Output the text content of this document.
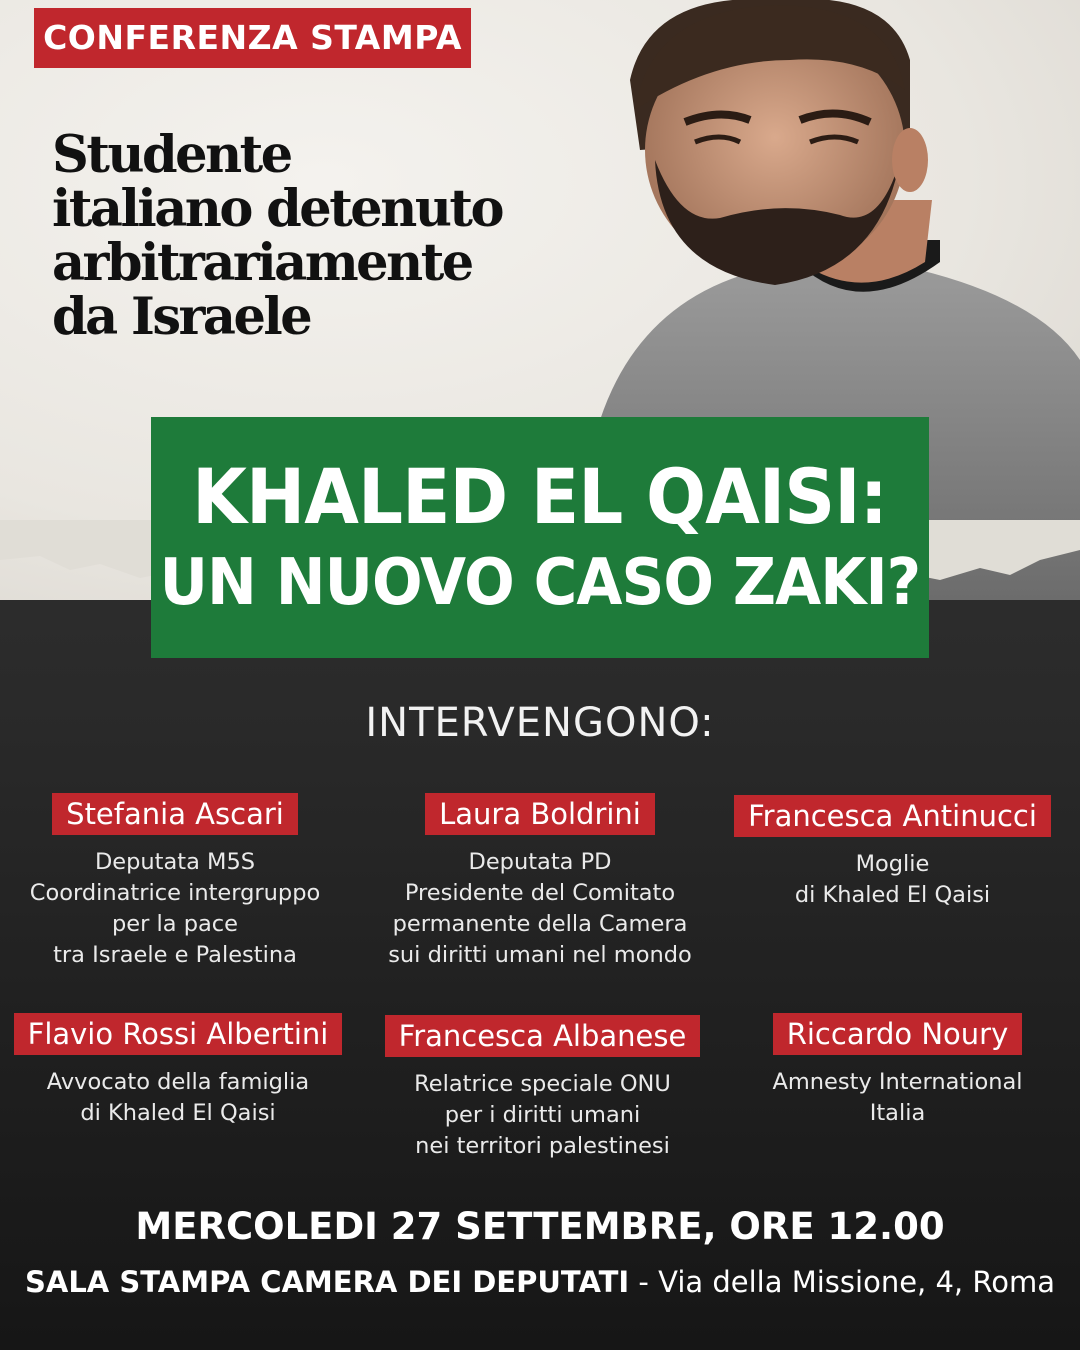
CONFERENZA STAMPA
Studente
italiano detenuto
arbitrariamente
da Israele
KHALED EL QAISI:
UN NUOVO CASO ZAKI?
INTERVENGONO:
Stefania Ascari
Deputata M5S
Coordinatrice intergruppo
per la pace
tra Israele e Palestina
Laura Boldrini
Deputata PD
Presidente del Comitato
permanente della Camera
sui diritti umani nel mondo
Francesca Antinucci
Moglie
di Khaled El Qaisi
Flavio Rossi Albertini
Avvocato della famiglia
di Khaled El Qaisi
Francesca Albanese
Relatrice speciale ONU
per i diritti umani
nei territori palestinesi
Riccardo Noury
Amnesty International
Italia
MERCOLEDI 27 SETTEMBRE, ORE 12.00
SALA STAMPA CAMERA DEI DEPUTATI - Via della Missione, 4, Roma
